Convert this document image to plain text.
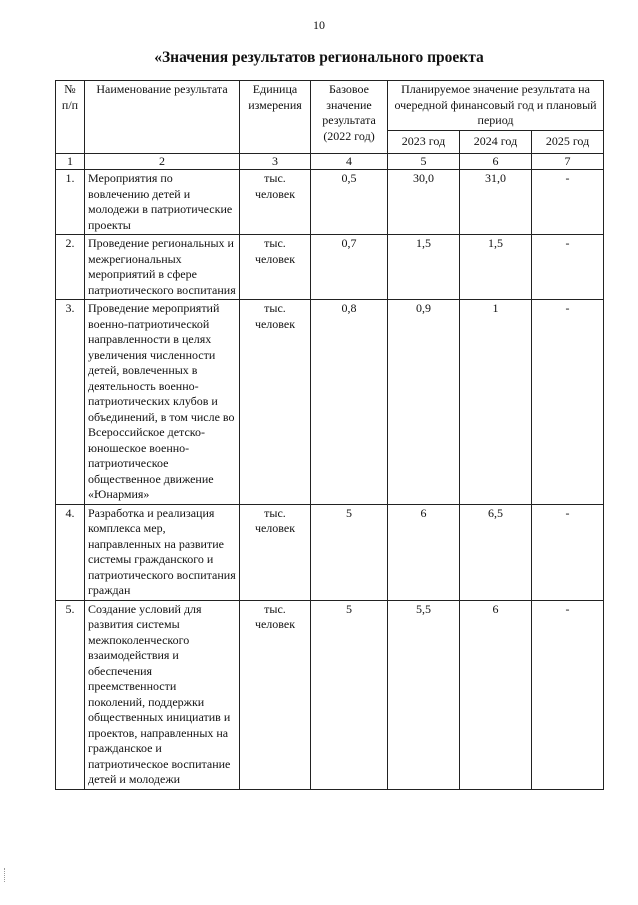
10
«Значения результатов регионального проекта
№ п/п	Наименование результата	Единица измерения	Базовое значение результата (2022 год)	Планируемое значение результата на очередной финансовый год и плановый период		
				2023 год	2024 год	2025 год
1	2	3	4	5	6	7
1.	Мероприятия по вовлечению детей и молодежи в патриотические проекты	тыс. человек	0,5	30,0	31,0	-
2.	Проведение региональных и межрегиональных мероприятий в сфере патриотического воспитания	тыс. человек	0,7	1,5	1,5	-
3.	Проведение мероприятий военно-патриотической направленности в целях увеличения численности детей, вовлеченных в деятельность военно-патриотических клубов и объединений, в том числе во Всероссийское детско-юношеское военно-патриотическое общественное движение «Юнармия»	тыс. человек	0,8	0,9	1	-
4.	Разработка и реализация комплекса мер, направленных на развитие системы гражданского и патриотического воспитания граждан	тыс. человек	5	6	6,5	-
5.	Создание условий для развития системы межпоколенческого взаимодействия и обеспечения преемственности поколений, поддержки общественных инициатив и проектов, направленных на гражданское и патриотическое воспитание детей и молодежи	тыс. человек	5	5,5	6	-
